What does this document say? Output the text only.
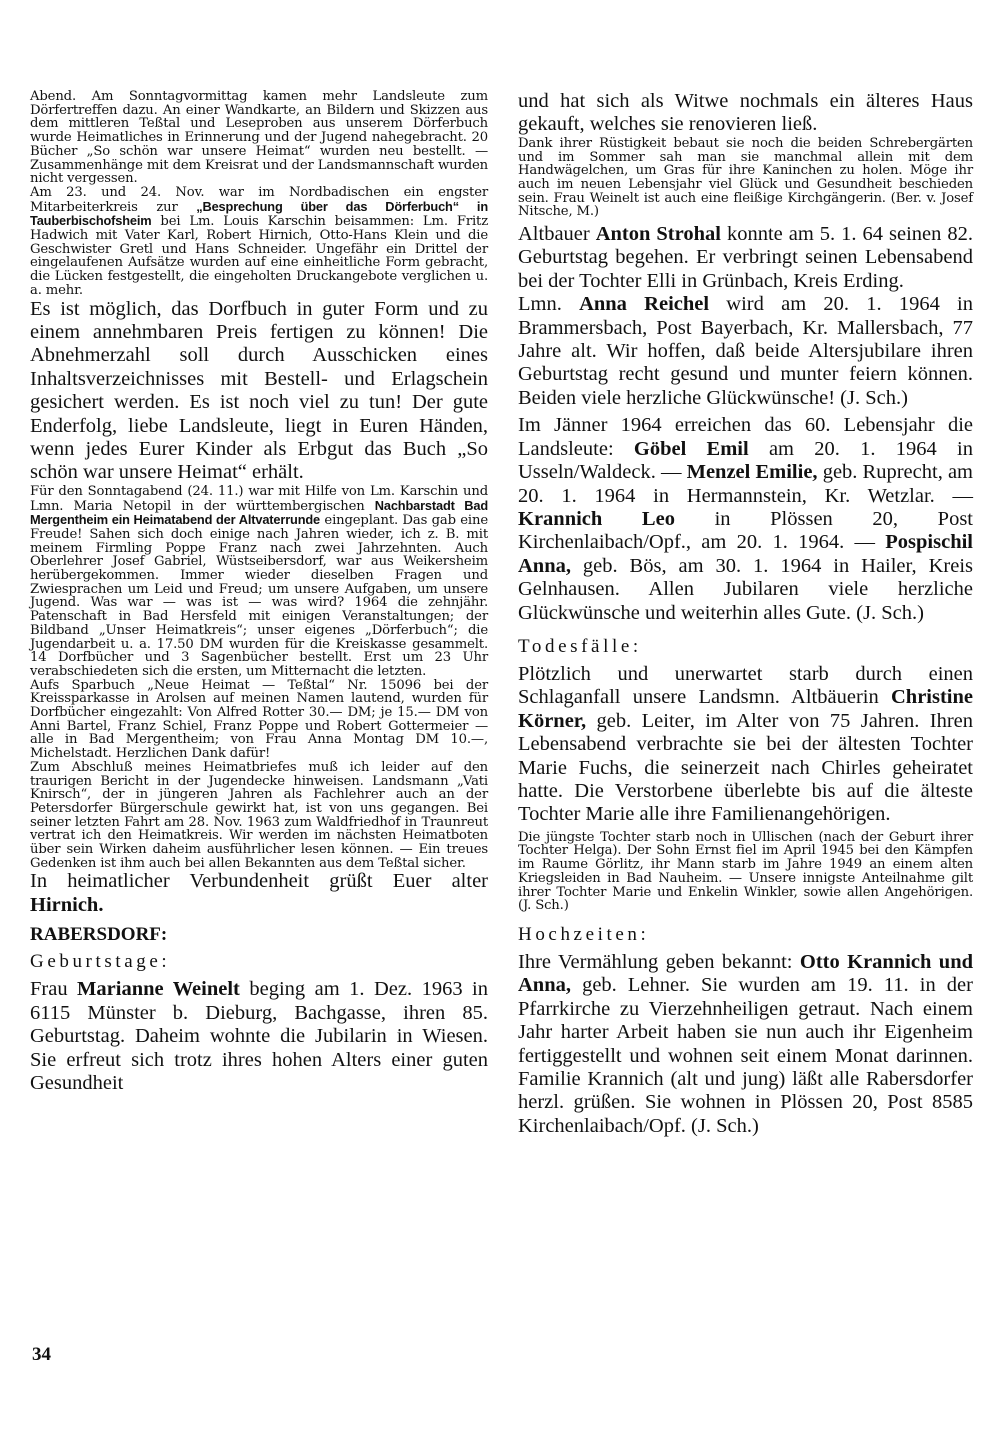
Abend. Am Sonntagvormittag kamen mehr Landsleute zum Dörfertreffen dazu. An einer Wandkarte, an Bildern und Skizzen aus dem mittleren Teßtal und Leseproben aus unserem Dörferbuch wurde Heimatliches in Erinnerung und der Jugend nahegebracht. 20 Bücher „So schön war unsere Heimat“ wurden neu bestellt. — Zusammenhänge mit dem Kreisrat und der Landsmannschaft wurden nicht vergessen.

Am 23. und 24. Nov. war im Nordbadischen ein engster Mitarbeiterkreis zur „Besprechung über das Dörferbuch“ in Tauberbischofsheim bei Lm. Louis Karschin beisammen: Lm. Fritz Hadwich mit Vater Karl, Robert Hirnich, Otto-Hans Klein und die Geschwister Gretl und Hans Schneider. Ungefähr ein Drittel der eingelaufenen Aufsätze wurden auf eine einheitliche Form gebracht, die Lücken festgestellt, die eingeholten Druckangebote verglichen u. a. mehr.

Es ist möglich, das Dorfbuch in guter Form und zu einem annehmbaren Preis fertigen zu können! Die Abnehmerzahl soll durch Ausschicken eines Inhaltsverzeichnisses mit Bestell- und Erlagschein gesichert werden. Es ist noch viel zu tun! Der gute Enderfolg, liebe Landsleute, liegt in Euren Händen, wenn jedes Eurer Kinder als Erbgut das Buch „So schön war unsere Heimat“ erhält.

Für den Sonntagabend (24. 11.) war mit Hilfe von Lm. Karschin und Lmn. Maria Netopil in der württembergischen Nachbarstadt Bad Mergentheim ein Heimatabend der Altvaterrunde eingeplant. Das gab eine Freude! Sahen sich doch einige nach Jahren wieder, ich z. B. mit meinem Firmling Poppe Franz nach zwei Jahrzehnten. Auch Oberlehrer Josef Gabriel, Wüstseibersdorf, war aus Weikersheim herübergekommen. Immer wieder dieselben Fragen und Zwiesprachen um Leid und Freud; um unsere Aufgaben, um unsere Jugend. Was war — was ist — was wird? 1964 die zehnjähr. Patenschaft in Bad Hersfeld mit einigen Veranstaltungen; der Bildband „Unser Heimatkreis“; unser eigenes „Dörferbuch“; die Jugendarbeit u. a. 17.50 DM wurden für die Kreiskasse gesammelt. 14 Dorfbücher und 3 Sagenbücher bestellt. Erst um 23 Uhr verabschiedeten sich die ersten, um Mitternacht die letzten.

Aufs Sparbuch „Neue Heimat — Teßtal“ Nr. 15096 bei der Kreissparkasse in Arolsen auf meinen Namen lautend, wurden für Dorfbücher eingezahlt: Von Alfred Rotter 30.— DM; je 15.— DM von Anni Bartel, Franz Schiel, Franz Poppe und Robert Gottermeier — alle in Bad Mergentheim; von Frau Anna Montag DM 10.—, Michelstadt. Herzlichen Dank dafür!

Zum Abschluß meines Heimatbriefes muß ich leider auf den traurigen Bericht in der Jugendecke hinweisen. Landsmann „Vati Knirsch“, der in jüngeren Jahren als Fachlehrer auch an der Petersdorfer Bürgerschule gewirkt hat, ist von uns gegangen. Bei seiner letzten Fahrt am 28. Nov. 1963 zum Waldfriedhof in Traunreut vertrat ich den Heimatkreis. Wir werden im nächsten Heimatboten über sein Wirken daheim ausführlicher lesen können. — Ein treues Gedenken ist ihm auch bei allen Bekannten aus dem Teßtal sicher.

In heimatlicher Verbundenheit grüßt Euer alter Hirnich.

RABERSDORF:
Geburtstage:

Frau Marianne Weinelt beging am 1. Dez. 1963 in 6115 Münster b. Dieburg, Bachgasse, ihren 85. Geburtstag. Daheim wohnte die Jubilarin in Wiesen. Sie erfreut sich trotz ihres hohen Alters einer guten Gesundheit

und hat sich als Witwe nochmals ein älteres Haus gekauft, welches sie renovieren ließ.

Dank ihrer Rüstigkeit bebaut sie noch die beiden Schrebergärten und im Sommer sah man sie manchmal allein mit dem Handwägelchen, um Gras für ihre Kaninchen zu holen. Möge ihr auch im neuen Lebensjahr viel Glück und Gesundheit beschieden sein. Frau Weinelt ist auch eine fleißige Kirchgängerin. (Ber. v. Josef Nitsche, M.)

Altbauer Anton Strohal konnte am 5. 1. 64 seinen 82. Geburtstag begehen. Er verbringt seinen Lebensabend bei der Tochter Elli in Grünbach, Kreis Erding.

Lmn. Anna Reichel wird am 20. 1. 1964 in Brammersbach, Post Bayerbach, Kr. Mallersbach, 77 Jahre alt. Wir hoffen, daß beide Altersjubilare ihren Geburtstag recht gesund und munter feiern können. Beiden viele herzliche Glückwünsche! (J. Sch.)

Im Jänner 1964 erreichen das 60. Lebensjahr die Landsleute: Göbel Emil am 20. 1. 1964 in Usseln/Waldeck. — Menzel Emilie, geb. Ruprecht, am 20. 1. 1964 in Hermannstein, Kr. Wetzlar. — Krannich Leo in Plössen 20, Post Kirchenlaibach/Opf., am 20. 1. 1964. — Pospischil Anna, geb. Bös, am 30. 1. 1964 in Hailer, Kreis Gelnhausen. Allen Jubilaren viele herzliche Glückwünsche und weiterhin alles Gute. (J. Sch.)

Todesfälle:

Plötzlich und unerwartet starb durch einen Schlaganfall unsere Landsmn. Altbäuerin Christine Körner, geb. Leiter, im Alter von 75 Jahren. Ihren Lebensabend verbrachte sie bei der ältesten Tochter Marie Fuchs, die seinerzeit nach Chirles geheiratet hatte. Die Verstorbene überlebte bis auf die älteste Tochter Marie alle ihre Familienangehörigen.

Die jüngste Tochter starb noch in Ullischen (nach der Geburt ihrer Tochter Helga). Der Sohn Ernst fiel im April 1945 bei den Kämpfen im Raume Görlitz, ihr Mann starb im Jahre 1949 an einem alten Kriegsleiden in Bad Nauheim. — Unsere innigste Anteilnahme gilt ihrer Tochter Marie und Enkelin Winkler, sowie allen Angehörigen. (J. Sch.)

Hochzeiten:

Ihre Vermählung geben bekannt: Otto Krannich und Anna, geb. Lehner. Sie wurden am 19. 11. in der Pfarrkirche zu Vierzehnheiligen getraut. Nach einem Jahr harter Arbeit haben sie nun auch ihr Eigenheim fertiggestellt und wohnen seit einem Monat darinnen. Familie Krannich (alt und jung) läßt alle Rabersdorfer herzl. grüßen. Sie wohnen in Plössen 20, Post 8585 Kirchenlaibach/Opf. (J. Sch.)

34
